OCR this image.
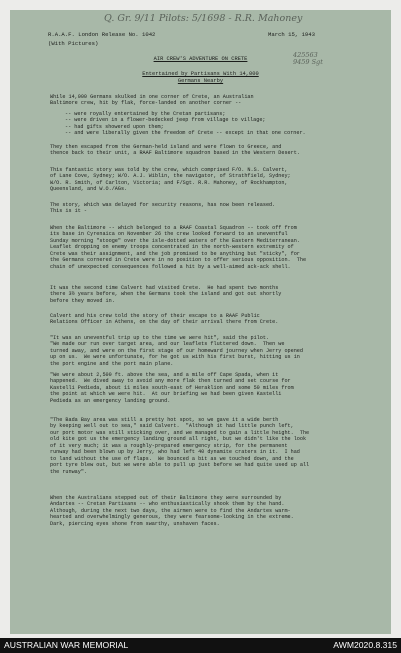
Q. Gr. 9/11 Pilots: 5/1698 - R.R. Mahoney
425563
9459 Sgt
R.A.A.F. London Release No. 1042	March 15, 1943
(With Pictures)
AIR CREW'S ADVENTURE ON CRETE
Entertained by Partisans With 14,000
Germans Nearby
While 14,000 Germans skulked in one corner of Crete, an Australian
Baltimore crew, hit by flak, force-landed on another corner --
-- were royally entertained by the Cretan partisans;
-- were driven in a flower-bedecked jeep from village to village;
-- had gifts showered upon them;
-- and were liberally given the freedom of Crete -- except in that one corner.
They then escaped from the German-held island and were flown to Greece, and
thence back to their unit, a RAAF Baltimore squadron based in the Western Desert.
This fantastic story was told by the crew, which comprised F/O. N.S. Calvert,
of Lane Cove, Sydney; W/O. A.J. Wiblin, the navigator, of Strathfield, Sydney;
W/O. R. Smith, of Carlton, Victoria; and F/Sgt. R.R. Mahoney, of Rockhampton,
Queensland, and W.O./AGs.
The story, which was delayed for security reasons, has now been released.
This is it -
When the Baltimore -- which belonged to a RAAF Coastal Squadron -- took off from
its base in Cyrenaica on November 26 the crew looked forward to an uneventful
Sunday morning "stooge" over the isle-dotted waters of the Eastern Mediterranean.
Leaflet dropping on enemy troops concentrated in the north-western extremity of
Crete was their assignment, and the job promised to be anything but "sticky", for
the Germans cornered in Crete were in no position to offer serious opposition.  The
chain of unexpected consequences followed a hit by a well-aimed ack-ack shell.
It was the second time Calvert had visited Crete.  He had spent two months
there 3½ years before, when the Germans took the island and got out shortly
before they moved in.
Calvert and his crew told the story of their escape to a RAAF Public
Relations Officer in Athens, on the day of their arrival there from Crete.
"It was an uneventful trip up to the time we were hit", said the pilot.
"We made our run over target area, and our leaflets fluttered down.  Then we
turned away, and were on the first stage of our homeward journey when Jerry opened
up on us.  We were unfortunate, for he got us with his first burst, hitting us in
the port engine and the port main plane.
"We were about 2,500 ft. above the sea, and a mile off Cape Spada, when it
happened.  We dived away to avoid any more flak then turned and set course for
Kastelli Pedieda, about 11 miles south-east of Heraklion and some 50 miles from
the point at which we were hit.  At our briefing we had been given Kastelli
Pedieda as an emergency landing ground.
"The Bada Bay area was still a pretty hot spot, so we gave it a wide berth
by keeping well out to sea," said Calvert.  "Although it had little punch left,
our port motor was still sticking over, and we managed to gain a little height.  The
old kite got us the emergency landing ground all right, but we didn't like the look
of it very much; it was a roughly-prepared emergency strip, for the permanent
runway had been blown up by Jerry, who had left 40 dynamite craters in it.  I had
to land without the use of flaps.  We bounced a bit as we touched down, and the
port tyre blew out, but we were able to pull up just before we had quite used up all
the runway".
When the Australians stepped out of their Baltimore they were surrounded by
Andartes -- Cretan Partisans -- who enthusiastically shook them by the hand.
Although, during the next two days, the airmen were to find the Andartes warm-
hearted and overwhelmingly generous, they were fearsome-looking in the extreme.
Dark, piercing eyes shone from swarthy, unshaven faces.
AUSTRALIAN WAR MEMORIAL	AWM2020.8.315
